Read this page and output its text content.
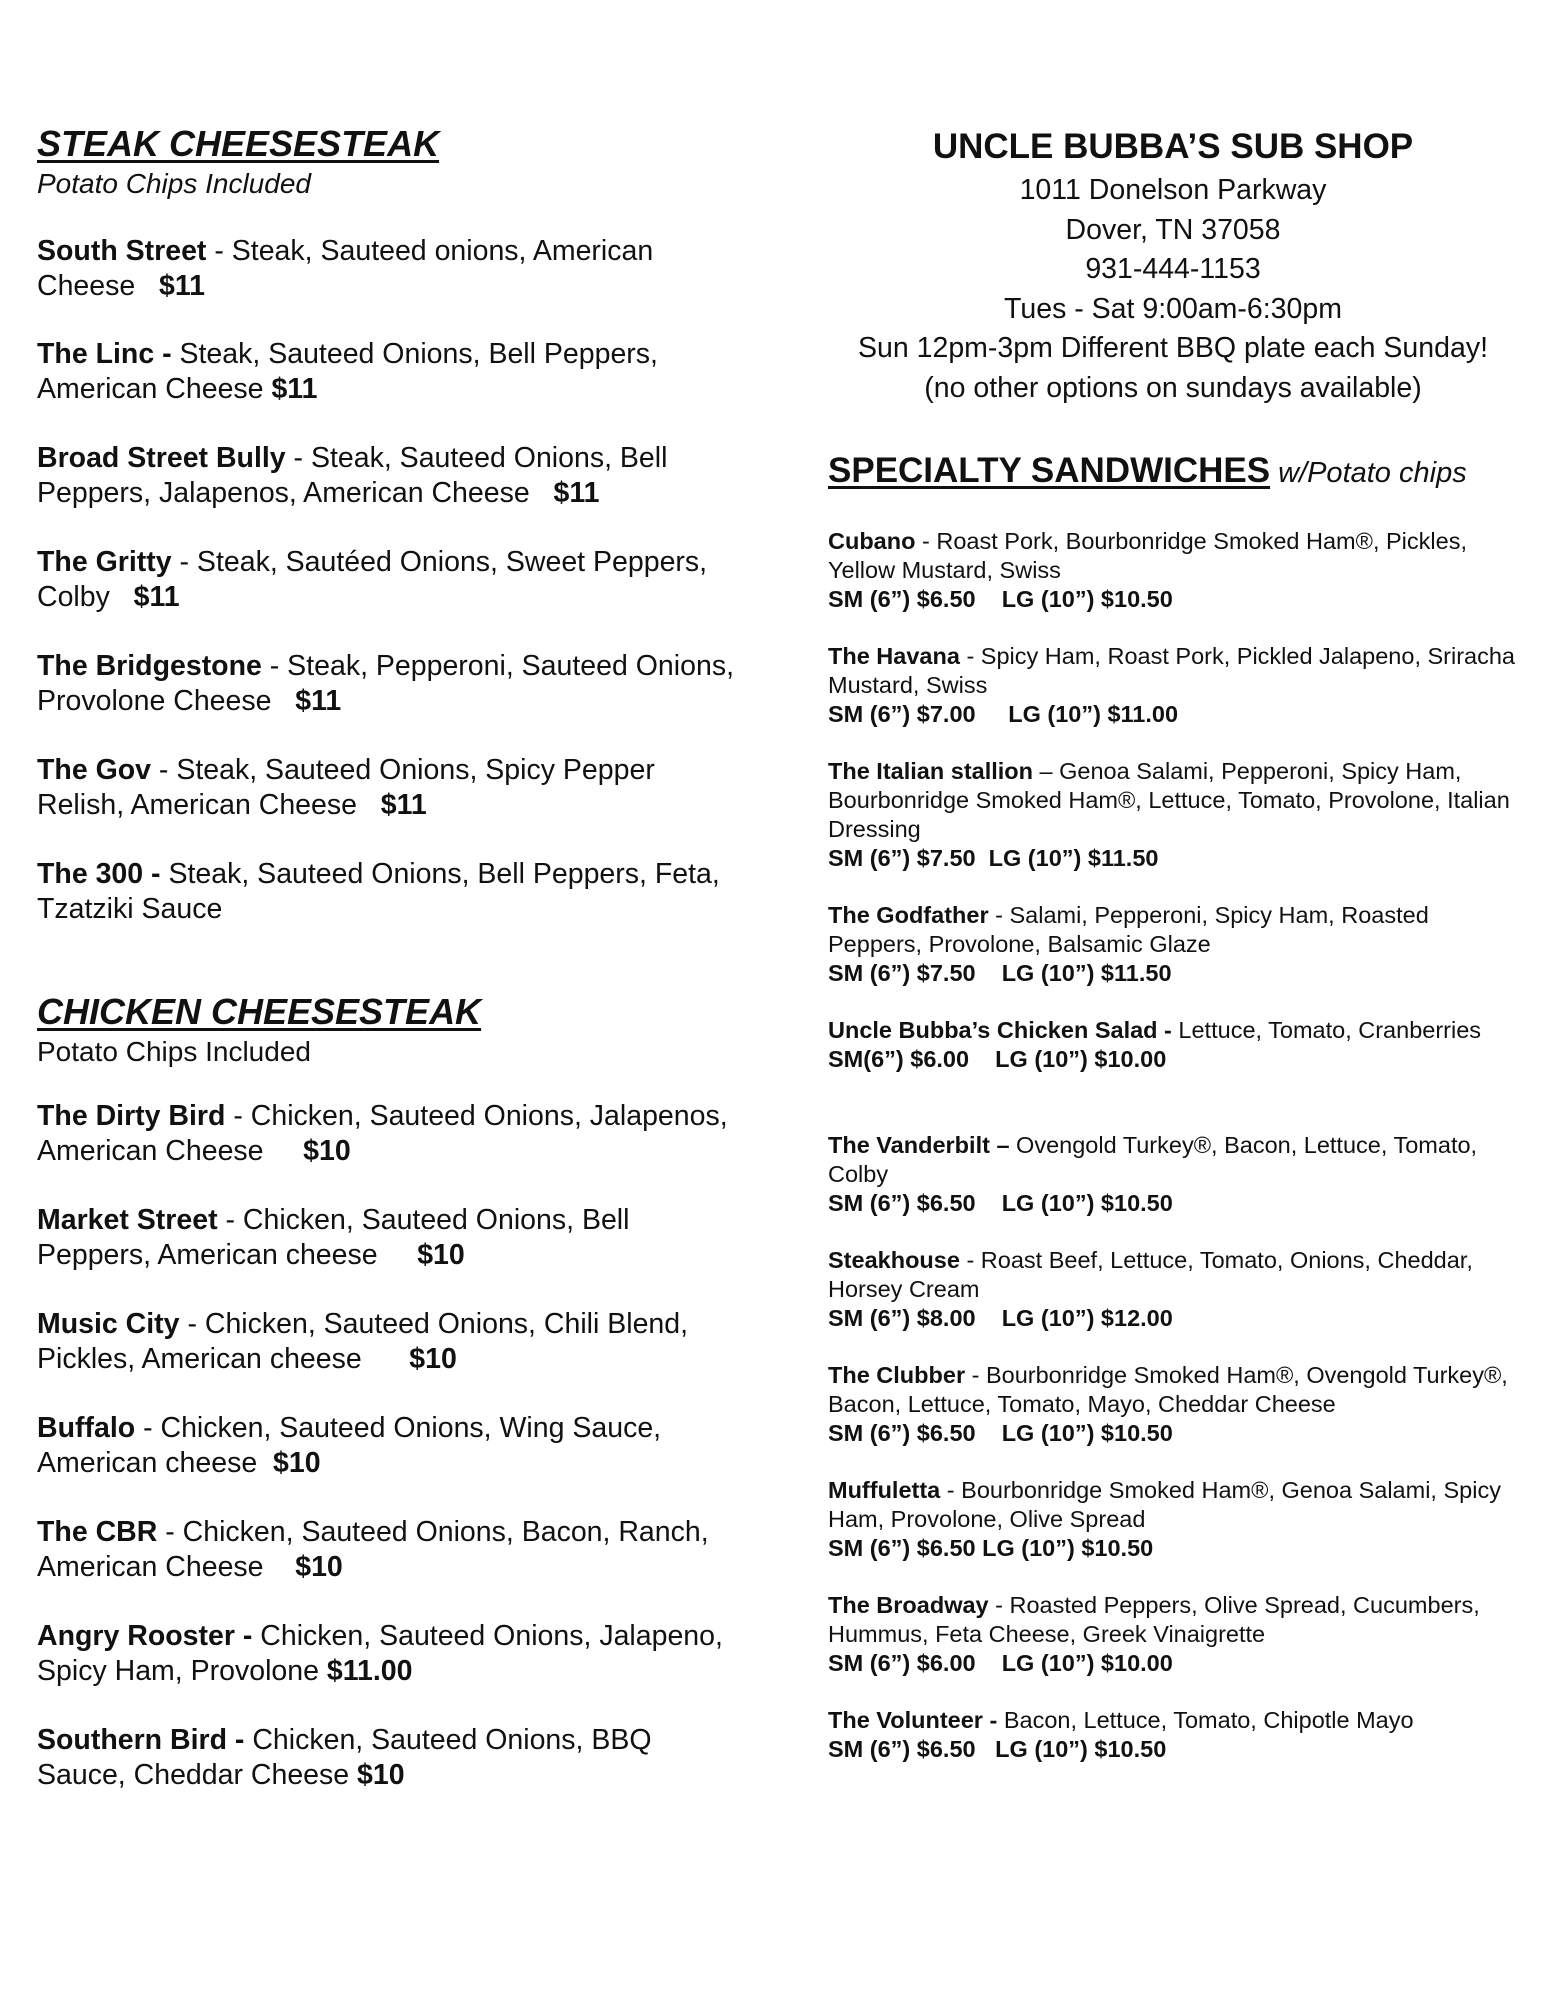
STEAK CHEESESTEAK
Potato Chips Included
South Street - Steak, Sauteed onions, American Cheese $11
The Linc - Steak, Sauteed Onions, Bell Peppers, American Cheese $11
Broad Street Bully - Steak, Sauteed Onions, Bell Peppers, Jalapenos, American Cheese $11
The Gritty - Steak, Sautéed Onions, Sweet Peppers, Colby $11
The Bridgestone - Steak, Pepperoni, Sauteed Onions, Provolone Cheese $11
The Gov - Steak, Sauteed Onions, Spicy Pepper Relish, American Cheese $11
The 300 - Steak, Sauteed Onions, Bell Peppers, Feta, Tzatziki Sauce
CHICKEN CHEESESTEAK
Potato Chips Included
The Dirty Bird - Chicken, Sauteed Onions, Jalapenos, American Cheese $10
Market Street - Chicken, Sauteed Onions, Bell Peppers, American cheese $10
Music City - Chicken, Sauteed Onions, Chili Blend, Pickles, American cheese $10
Buffalo - Chicken, Sauteed Onions, Wing Sauce, American cheese $10
The CBR - Chicken, Sauteed Onions, Bacon, Ranch, American Cheese $10
Angry Rooster - Chicken, Sauteed Onions, Jalapeno, Spicy Ham, Provolone $11.00
Southern Bird - Chicken, Sauteed Onions, BBQ Sauce, Cheddar Cheese $10
UNCLE BUBBA’S SUB SHOP
1011 Donelson Parkway
Dover, TN 37058
931-444-1153
Tues - Sat 9:00am-6:30pm
Sun 12pm-3pm Different BBQ plate each Sunday!
(no other options on sundays available)
SPECIALTY SANDWICHES w/Potato chips
Cubano - Roast Pork, Bourbonridge Smoked Ham®, Pickles, Yellow Mustard, Swiss
SM (6”) $6.50    LG (10”) $10.50
The Havana - Spicy Ham, Roast Pork, Pickled Jalapeno, Sriracha Mustard, Swiss
SM (6”) $7.00     LG (10”) $11.00
The Italian stallion – Genoa Salami, Pepperoni, Spicy Ham, Bourbonridge Smoked Ham®, Lettuce, Tomato, Provolone, Italian Dressing
SM (6”) $7.50  LG (10”) $11.50
The Godfather - Salami, Pepperoni, Spicy Ham, Roasted Peppers, Provolone, Balsamic Glaze
SM (6”) $7.50    LG (10”) $11.50
Uncle Bubba’s Chicken Salad - Lettuce, Tomato, Cranberries
SM(6”) $6.00    LG (10”) $10.00
The Vanderbilt – Ovengold Turkey®, Bacon, Lettuce, Tomato, Colby
SM (6”) $6.50    LG (10”) $10.50
Steakhouse - Roast Beef, Lettuce, Tomato, Onions, Cheddar, Horsey Cream
SM (6”) $8.00    LG (10”) $12.00
The Clubber - Bourbonridge Smoked Ham®, Ovengold Turkey®, Bacon, Lettuce, Tomato, Mayo, Cheddar Cheese
SM (6”) $6.50    LG (10”) $10.50
Muffuletta - Bourbonridge Smoked Ham®, Genoa Salami, Spicy Ham, Provolone, Olive Spread
SM (6”) $6.50 LG (10”) $10.50
The Broadway - Roasted Peppers, Olive Spread, Cucumbers, Hummus, Feta Cheese, Greek Vinaigrette
SM (6”) $6.00    LG (10”) $10.00
The Volunteer - Bacon, Lettuce, Tomato, Chipotle Mayo
SM (6”) $6.50   LG (10”) $10.50
